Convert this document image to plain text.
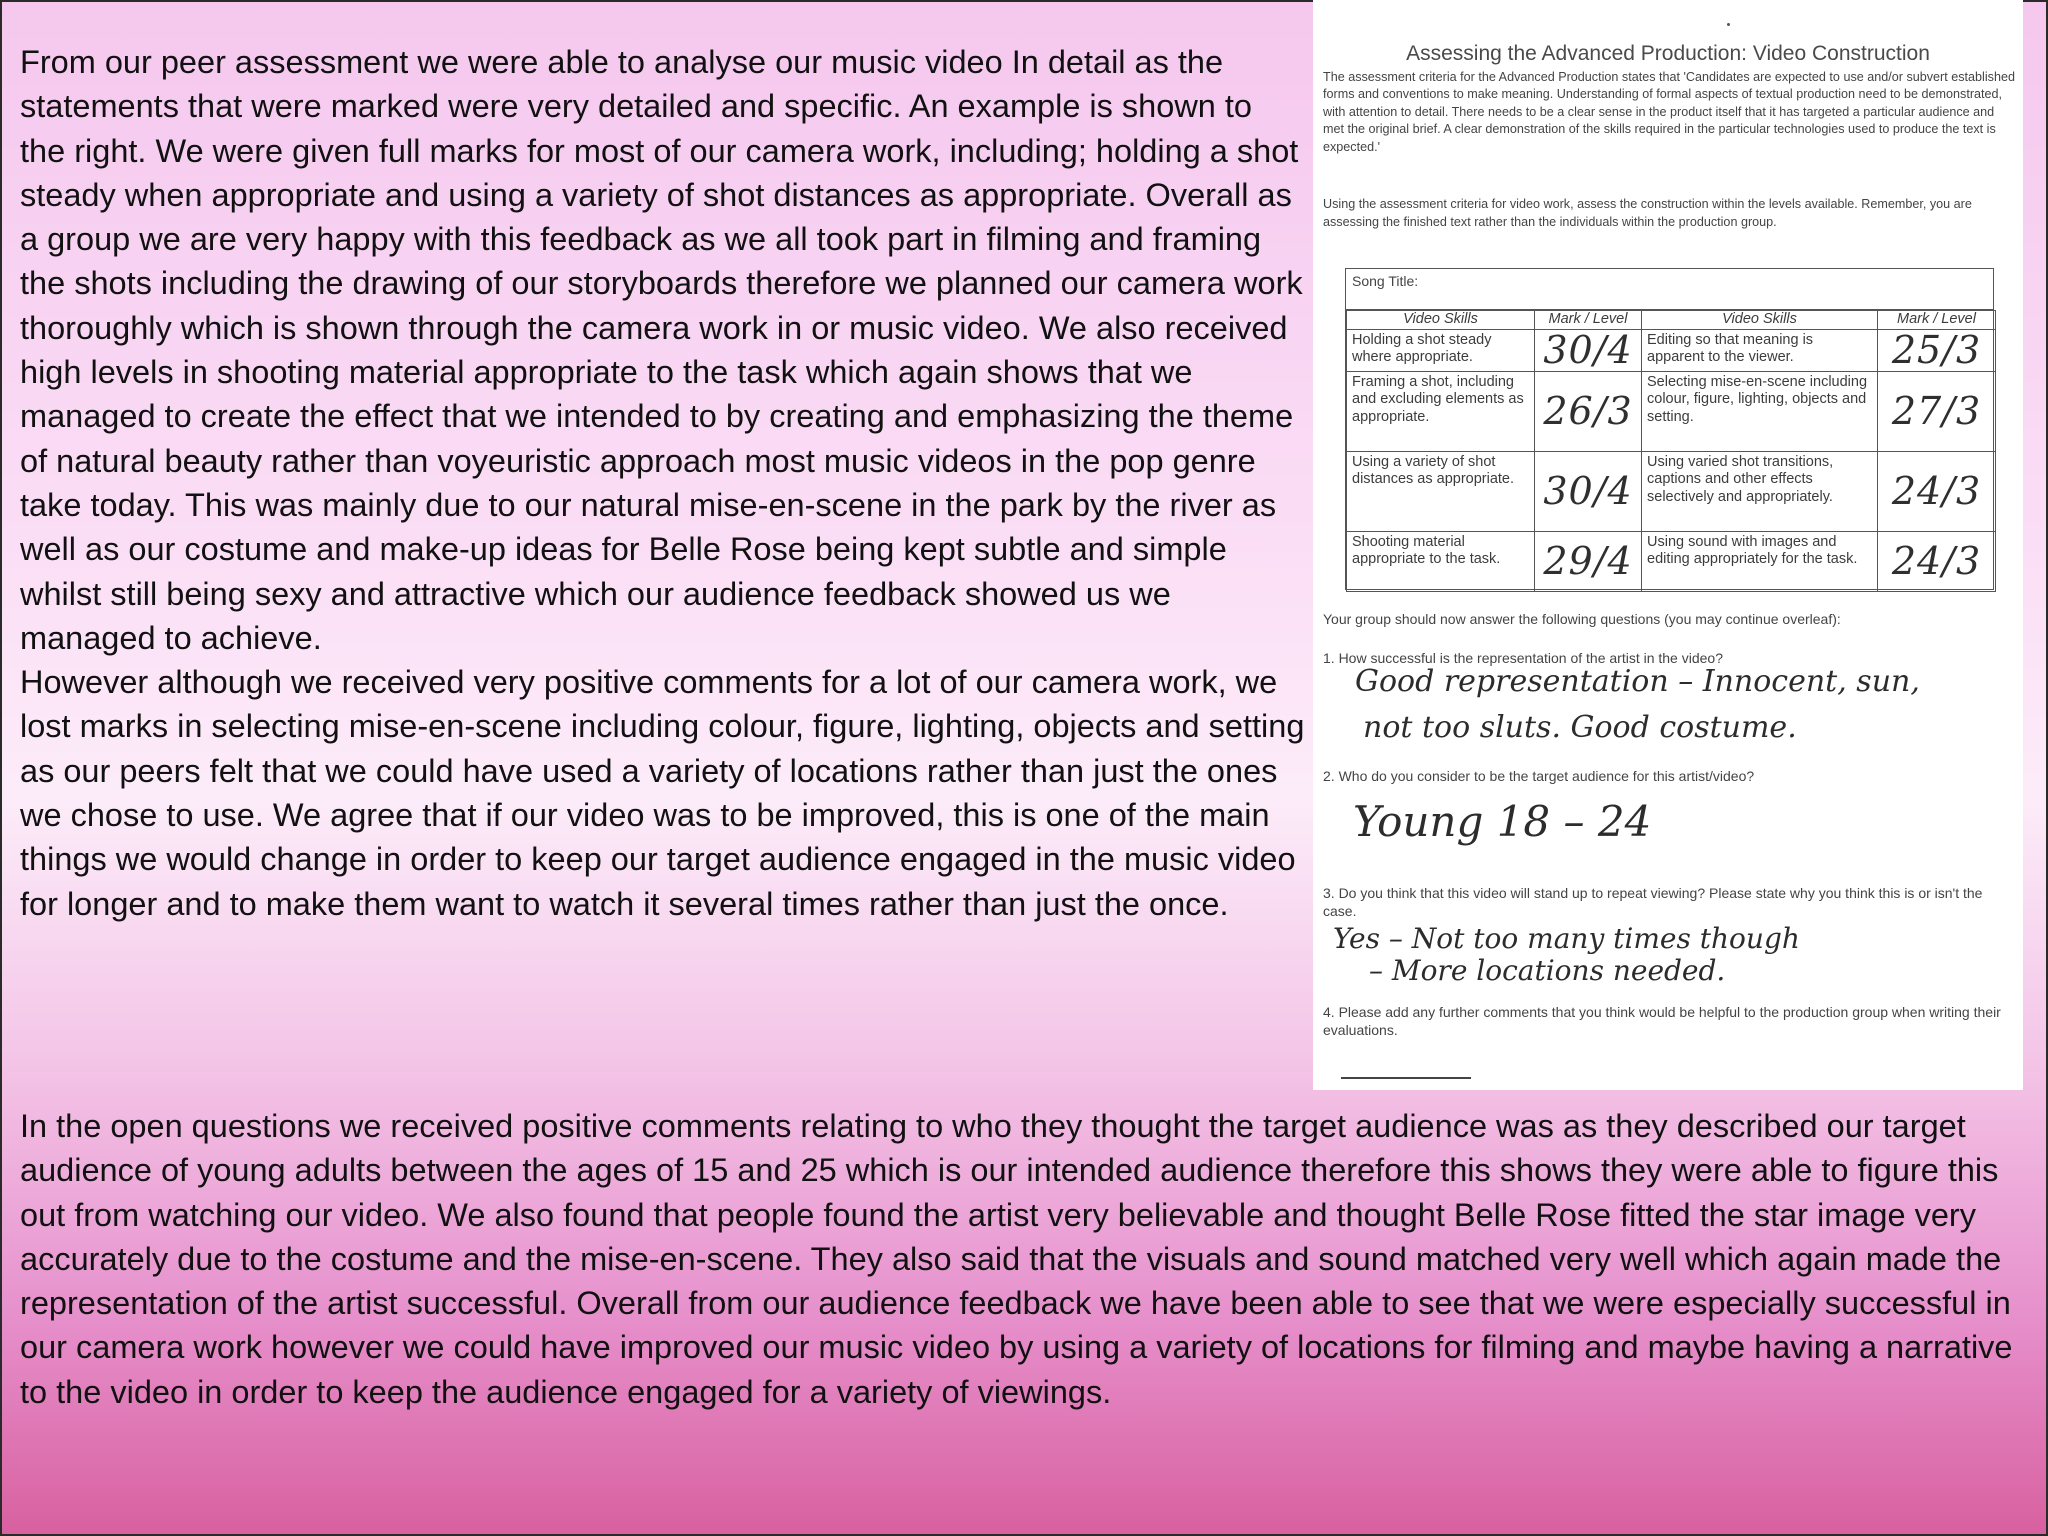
From our peer assessment we were able to analyse our music video In detail as the statements that were marked were very detailed and specific. An example is shown to the right. We were given full marks for most of our camera work, including; holding a shot steady when appropriate and using a variety of shot distances as appropriate. Overall as a group we are very happy with this feedback as we all took part in filming and framing the shots including the drawing of our storyboards therefore we planned our camera work thoroughly which is shown through the camera work in or music video. We also received high levels in shooting material appropriate to the task which again shows that we managed to create the effect that we intended to by creating and emphasizing the theme of natural beauty rather than voyeuristic approach most music videos in the pop genre take today. This was mainly due to our natural mise-en-scene in the park by the river as well as our costume and make-up ideas for Belle Rose being kept subtle and simple whilst still being sexy and attractive which our audience feedback showed us we managed to achieve.

However although we received very positive comments for a lot of our camera work, we lost marks in selecting mise-en-scene including colour, figure, lighting, objects and setting as our peers felt that we could have used a variety of locations rather than just the ones we chose to use. We agree that if our video was to be improved, this is one of the main things we would change in order to keep our target audience engaged in the music video for longer and to make them want to watch it several times rather than just the once.

In the open questions we received positive comments relating to who they thought the target audience was as they described our target audience of young adults between the ages of 15 and 25 which is our intended audience therefore this shows they were able to figure this out from watching our video. We also found that people found the artist very believable and thought Belle Rose fitted the star image very accurately due to the costume and the mise-en-scene. They also said that the visuals and sound matched very well which again made the representation of the artist successful. Overall from our audience feedback we have been able to see that we were especially successful in our camera work however we could have improved our music video by using a variety of locations for filming and maybe having a narrative to the video in order to keep the audience engaged for a variety of viewings.
Assessing the Advanced Production: Video Construction
The assessment criteria for the Advanced Production states that 'Candidates are expected to use and/or subvert established forms and conventions to make meaning. Understanding of formal aspects of textual production need to be demonstrated, with attention to detail. There needs to be a clear sense in the product itself that it has targeted a particular audience and met the original brief. A clear demonstration of the skills required in the particular technologies used to produce the text is expected.'
Using the assessment criteria for video work, assess the construction within the levels available. Remember, you are assessing the finished text rather than the individuals within the production group.
Song Title:
Video Skills	Mark / Level	Video Skills	Mark / Level
Holding a shot steady where appropriate.	30/4	Editing so that meaning is apparent to the viewer.	25/3
Framing a shot, including and excluding elements as appropriate.	26/3	Selecting mise-en-scene including colour, figure, lighting, objects and setting.	27/3
Using a variety of shot distances as appropriate.	30/4	Using varied shot transitions, captions and other effects selectively and appropriately.	24/3
Shooting material appropriate to the task.	29/4	Using sound with images and editing appropriately for the task.	24/3
Your group should now answer the following questions (you may continue overleaf):
1. How successful is the representation of the artist in the video?
Good representation – Innocent, sun,
not too sluts. Good costume.
2. Who do you consider to be the target audience for this artist/video?
Young 18 – 24
3. Do you think that this video will stand up to repeat viewing? Please state why you think this is or isn't the case.
Yes – Not too many times though
– More locations needed.
4. Please add any further comments that you think would be helpful to the production group when writing their evaluations.
